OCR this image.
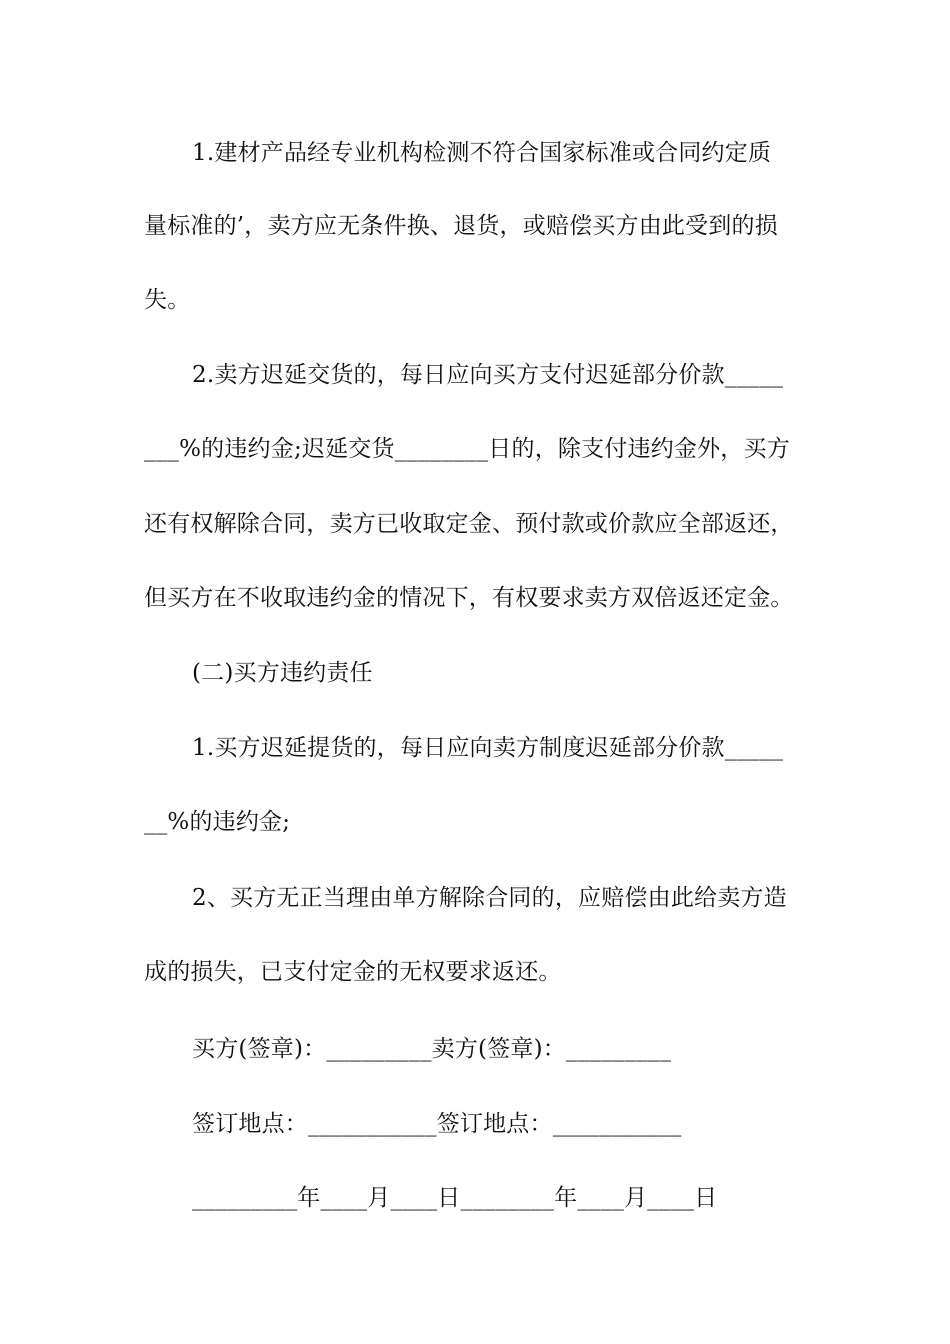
1.建材产品经专业机构检测不符合国家标准或合同约定质
量标准的’，卖方应无条件换、退货，或赔偿买方由此受到的损
失。
2.卖方迟延交货的，每日应向买方支付迟延部分价款_____
___%的违约金;迟延交货________日的，除支付违约金外，买方
还有权解除合同，卖方已收取定金、预付款或价款应全部返还，
但买方在不收取违约金的情况下，有权要求卖方双倍返还定金。
(二)买方违约责任
1.买方迟延提货的，每日应向卖方制度迟延部分价款_____
__%的违约金;
2、买方无正当理由单方解除合同的，应赔偿由此给卖方造
成的损失，已支付定金的无权要求返还。
买方(签章)：_________卖方(签章)：_________
签订地点：___________签订地点：___________
_________年____月____日________年____月____日
